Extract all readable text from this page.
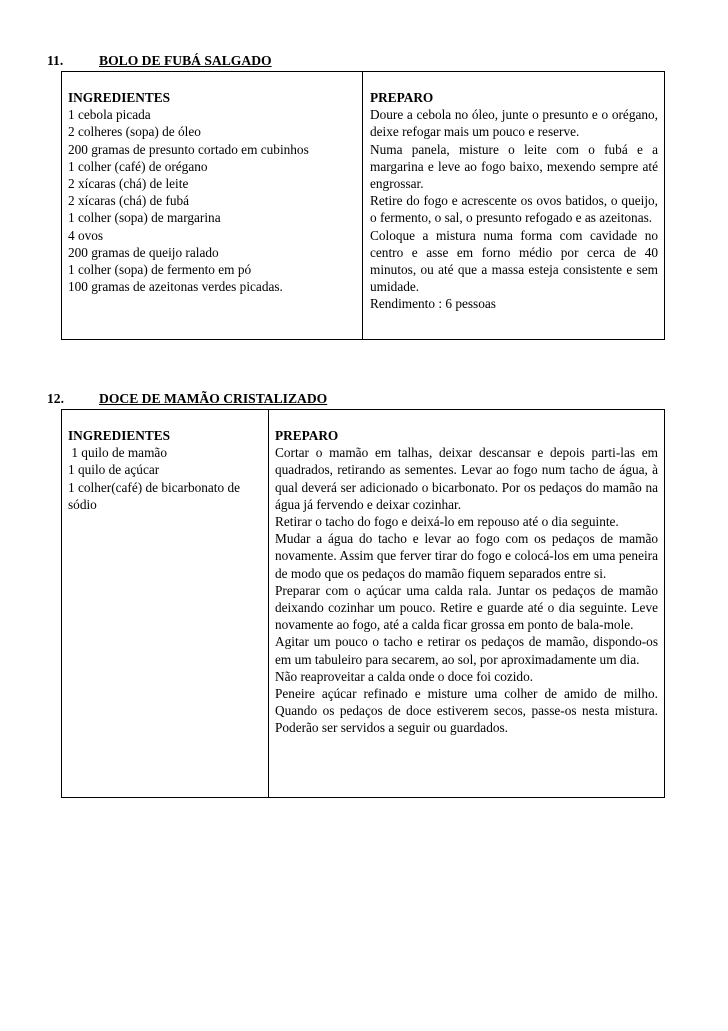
11.	BOLO DE FUBÁ SALGADO
INGREDIENTES
1 cebola picada
2 colheres (sopa) de óleo
200 gramas de presunto cortado em cubinhos
1 colher (café) de orégano
2 xícaras (chá) de leite
2 xícaras (chá) de fubá
1 colher (sopa) de margarina
4 ovos
200 gramas de queijo ralado
1 colher (sopa) de fermento em pó
100 gramas de azeitonas verdes picadas.
PREPARO
Doure a cebola no óleo, junte o presunto e o orégano, deixe refogar mais um pouco e reserve.
Numa panela, misture o leite com o fubá e a margarina e leve ao fogo baixo, mexendo sempre até engrossar.
Retire do fogo e acrescente os ovos batidos, o queijo, o fermento, o sal, o presunto refogado e as azeitonas.
Coloque a mistura numa forma com cavidade no centro e asse em forno médio por cerca de 40 minutos, ou até que a massa esteja consistente e sem umidade.
Rendimento : 6 pessoas
12.	DOCE DE MAMÃO CRISTALIZADO
INGREDIENTES
1 quilo de mamão
1 quilo de açúcar
1 colher(café) de bicarbonato de sódio
PREPARO
Cortar o mamão em talhas, deixar descansar e depois parti-las em quadrados, retirando as sementes. Levar ao fogo num tacho de água, à qual deverá ser adicionado o bicarbonato. Por os pedaços do mamão na água já fervendo e deixar cozinhar.
Retirar o tacho do fogo e deixá-lo em repouso até o dia seguinte.
Mudar a água do tacho e levar ao fogo com os pedaços de mamão novamente. Assim que ferver tirar do fogo e colocá-los em uma peneira de modo que os pedaços do mamão fiquem separados entre si.
Preparar com o açúcar uma calda rala. Juntar os pedaços de mamão deixando cozinhar um pouco. Retire e guarde até o dia seguinte. Leve novamente ao fogo, até a calda ficar grossa em ponto de bala-mole.
Agitar um pouco o tacho e retirar os pedaços de mamão, dispondo-os em um tabuleiro para secarem, ao sol, por aproximadamente um dia.
Não reaproveitar a calda onde o doce foi cozido.
Peneire açúcar refinado e misture uma colher de amido de milho. Quando os pedaços de doce estiverem secos, passe-os nesta mistura. Poderão ser servidos a seguir ou guardados.
